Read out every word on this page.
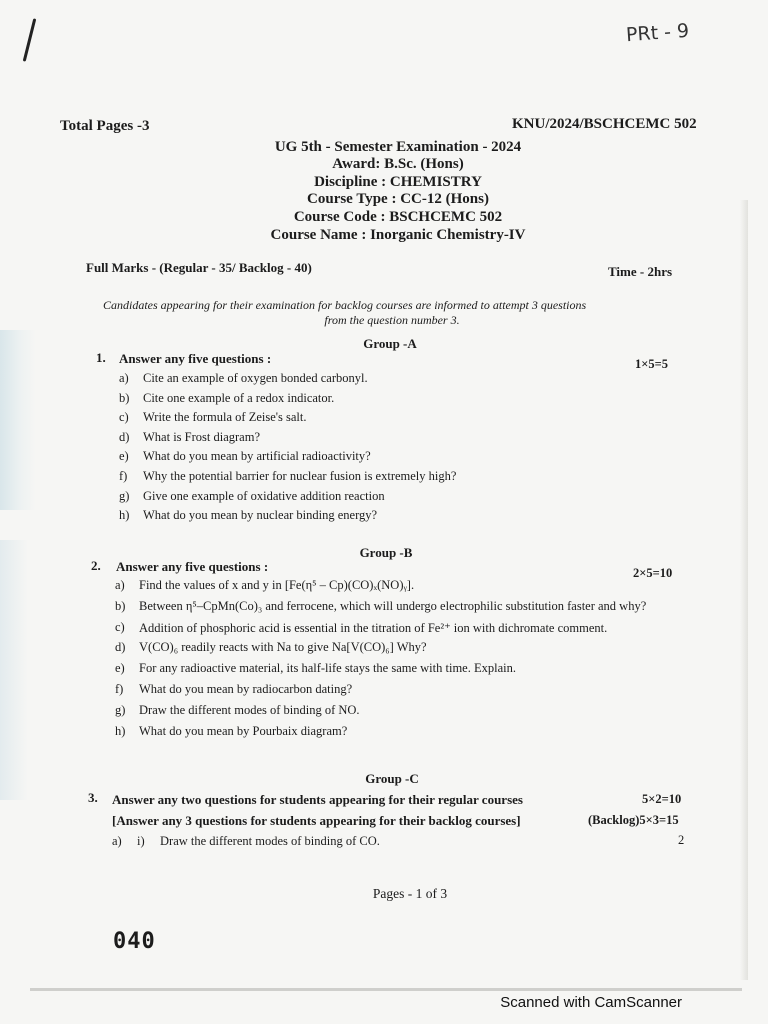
PRt - 9
Total Pages -3	KNU/2024/BSCHCEMC 502
UG 5th - Semester Examination - 2024
Award: B.Sc. (Hons)
Discipline : CHEMISTRY
Course Type : CC-12 (Hons)
Course Code : BSCHCEMC 502
Course Name : Inorganic Chemistry-IV
Full Marks - (Regular - 35/ Backlog - 40)	Time - 2hrs
Candidates appearing for their examination for backlog courses are informed to attempt 3 questions
from the question number 3.
Group -A
1. Answer any five questions :	1×5=5
a) Cite an example of oxygen bonded carbonyl.
b) Cite one example of a redox indicator.
c) Write the formula of Zeise's salt.
d) What is Frost diagram?
e) What do you mean by artificial radioactivity?
f) Why the potential barrier for nuclear fusion is extremely high?
g) Give one example of oxidative addition reaction
h) What do you mean by nuclear binding energy?
Group -B
2. Answer any five questions :	2×5=10
a) Find the values of x and y in [Fe(η⁵ – Cp)(CO)ₓ(NO)ᵧ].
b) Between η⁵–CpMn(Co)₃ and ferrocene, which will undergo electrophilic substitution faster and why?
c) Addition of phosphoric acid is essential in the titration of Fe²⁺ ion with dichromate comment.
d) V(CO)₆ readily reacts with Na to give Na[V(CO)₆] Why?
e) For any radioactive material, its half-life stays the same with time. Explain.
f) What do you mean by radiocarbon dating?
g) Draw the different modes of binding of NO.
h) What do you mean by Pourbaix diagram?
Group -C
3. Answer any two questions for students appearing for their regular courses	5×2=10
[Answer any 3 questions for students appearing for their backlog courses]	(Backlog)5×3=15
a) i) Draw the different modes of binding of CO.	2
Pages - 1 of 3
040
Scanned with CamScanner
